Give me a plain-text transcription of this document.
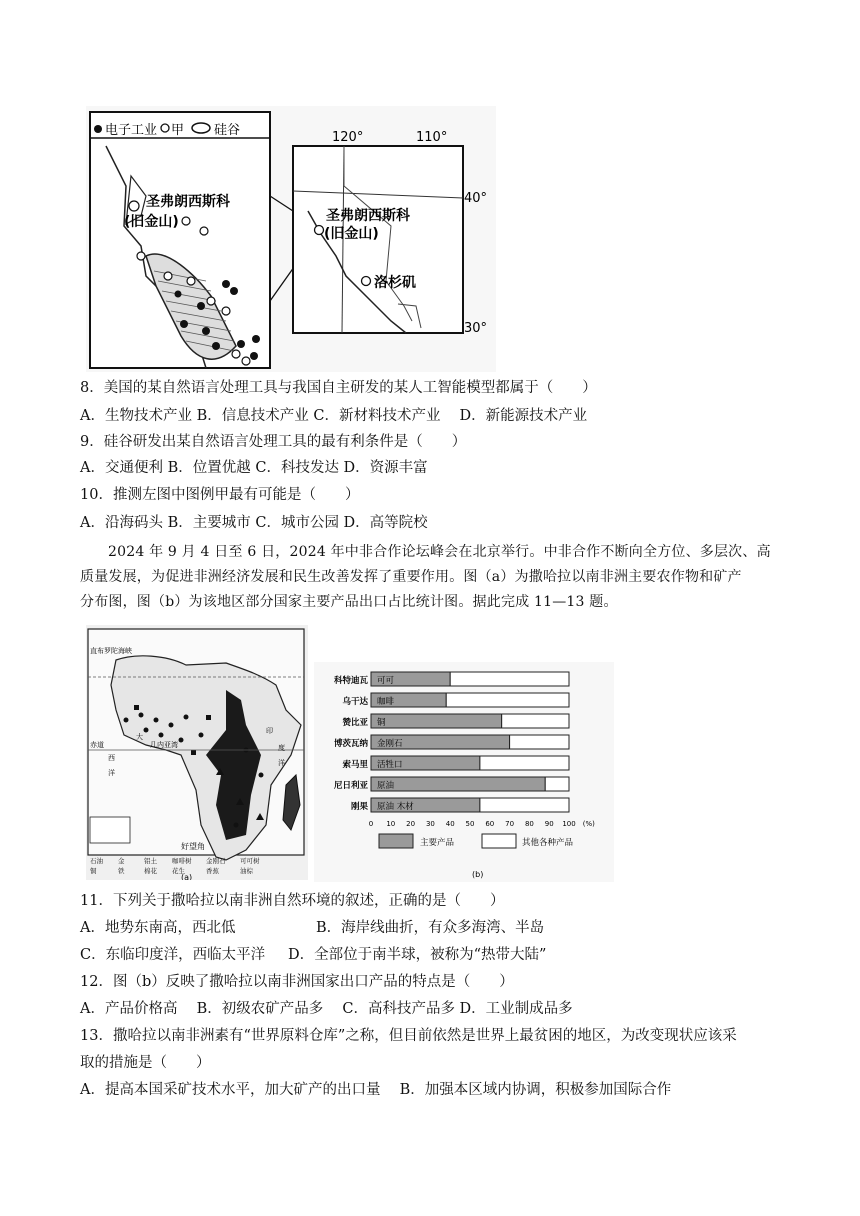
电子工业 甲 硅谷
圣弗朗西斯科
(旧金山)
120°	110°
40°
30°
圣弗朗西斯科
(旧金山)
洛杉矶
8．美国的某自然语言处理工具与我国自主研发的某人工智能模型都属于（　　）
A．生物技术产业 B．信息技术产业 C．新材料技术产业　 D．新能源技术产业
9．硅谷研发出某自然语言处理工具的最有利条件是（　　）
A．交通便利 B．位置优越 C．科技发达 D．资源丰富
10．推测左图中图例甲最有可能是（　　）
A．沿海码头 B．主要城市 C．城市公园 D．高等院校

2024 年 9 月 4 日至 6 日，2024 年中非合作论坛峰会在北京举行。中非合作不断向全方位、多层次、高

质量发展，为促进非洲经济发展和民生改善发挥了重要作用。图（a）为撒哈拉以南非洲主要农作物和矿产

分布图，图（b）为该地区部分国家主要产品出口占比统计图。据此完成 11—13 题。

直布罗陀海峡
赤道
大
西
洋
几内亚湾
印
度
洋
好望角
石油 金	铝土 咖啡树 金刚石 可可树
铜	铁	棉花 花生	香蕉	油棕
(a)
科特迪瓦 可可
乌干达 咖啡
赞比亚 铜
博茨瓦纳 金刚石
索马里 活牲口
尼日利亚 原油
刚果 原油 木材
0 10 20 30 40 50 60 70 80 90 100 (%)
主要产品	其他各种产品
(b)
11．下列关于撒哈拉以南非洲自然环境的叙述，正确的是（　　）
A．地势东南高，西北低	B．海岸线曲折，有众多海湾、半岛
C．东临印度洋，西临太平洋 D．全部位于南半球，被称为“热带大陆”
12．图（b）反映了撒哈拉以南非洲国家出口产品的特点是（　　）
A．产品价格高　 B．初级农矿产品多　 C．高科技产品多 D．工业制成品多
13．撒哈拉以南非洲素有“世界原料仓库”之称，但目前依然是世界上最贫困的地区，为改变现状应该采
取的措施是（　　）
A．提高本国采矿技术水平，加大矿产的出口量　 B．加强本区域内协调，积极参加国际合作
